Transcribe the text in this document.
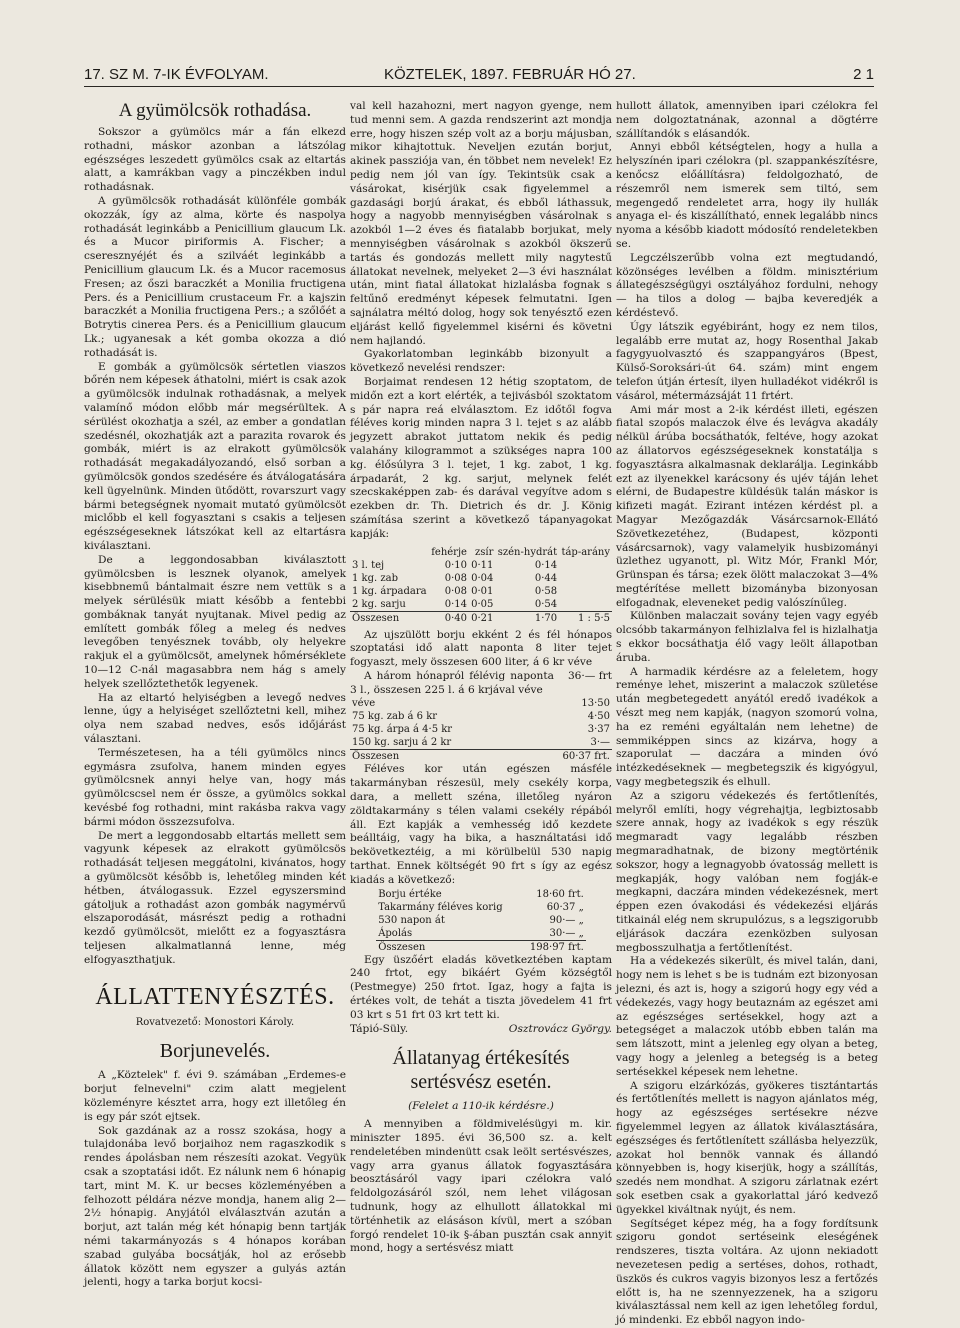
17. SZ M. 7-IK ÉVFOLYAM.	KÖZTELEK, 1897. FEBRUÁR HÓ 27.	2 1
A gyümölcsök rothadása.

Sokszor a gyümölcs már a fán elkezd rothadni, máskor azonban a látszólag egészséges leszedett gyümölcs csak az eltartás alatt, a kamrákban vagy a pinczékben indul rothadásnak.

A gyümölcsök rothadását különféle gombák okozzák, így az alma, körte és naspolya rothadását leginkább a Penicillium glaucum Lk. és a Mucor piriformis A. Fischer; a cseresznyéjét és a szilváét leginkább a Penicillium glaucum Lk. és a Mucor racemosus Fresen; az őszi baraczkét a Monilia fructigena Pers. és a Penicillium crustaceum Fr. a kajszin baraczkét a Monilia fructigena Pers.; a szőlőét a Botrytis cinerea Pers. és a Penicillium glaucum Lk.; ugyanesak a két gomba okozza a dió rothadását is.

E gombák a gyümölcsök sértetlen viaszos bőrén nem képesek áthatolni, miért is csak azok a gyümölcsök indulnak rothadásnak, a melyek valamínő módon előbb már megsérültek. A sérülést okozhatja a szél, az ember a gondatlan szedésnél, okozhatják azt a parazita rovarok és gombák, miért is az elrakott gyümölcsök rothadását megakadályozandó, első sorban a gyümölcsök gondos szedésére és átválogatására kell ügyelnünk. Minden ütődött, rovarszurt vagy bármi betegségnek nyomait mutató gyümölcsöt miclőbb el kell fogyasztani s csakis a teljesen egészségeseknek látszókat kell az eltartásra kiválasztani.

De a leggondosabban kiválasztott gyümölcsben is lesznek olyanok, amelyek kisebbnemű bántalmait észre nem vettük s a melyek sérülésük miatt később a fentebbi gombáknak tanyát nyujtanak. Mivel pedig az említett gombák főleg a meleg és nedves levegőben tenyésznek tovább, oly helyekre rakjuk el a gyümölcsöt, amelynek hőmérséklete 10—12 C-nál magasabbra nem hág s amely helyek szellőztethetők legyenek.

Ha az eltartó helyiségben a levegő nedves lenne, úgy a helyiséget szellőztetni kell, mihez olya nem szabad nedves, esős időjárást választani.

Természetesen, ha a téli gyümölcs nincs egymásra zsufolva, hanem minden egyes gyümölcsnek annyi helye van, hogy más gyümölcscsel nem ér össze, a gyümölcs sokkal kevésbé fog rothadni, mint rakásba rakva vagy bármi módon összezsufolva.

De mert a leggondosabb eltartás mellett sem vagyunk képesek az elrakott gyümölcsös rothadását teljesen meggátolni, kivánatos, hogy a gyümölcsöt később is, lehetőleg minden két hétben, átválogassuk. Ezzel egyszersmind gátoljuk a rothadást azon gombák nagymérvű elszaporodását, másrészt pedig a rothadni kezdő gyümölcsöt, mielőtt ez a fogyasztásra teljesen alkalmatlanná lenne, még elfogyaszthatjuk.

ÁLLATTENYÉSZTÉS.
Rovatvezető: Monostori Károly.
Borjunevelés.

A „Köztelek" f. évi 9. számában „Erdemes-e borjut felnevelni" czim alatt megjelent közleményre késztet arra, hogy ezt illetőleg én is egy pár szót ejtsek.

Sok gazdának az a rossz szokása, hogy a tulajdonába levő borjaihoz nem ragaszkodik s rendes ápolásban nem részesíti azokat. Vegyük csak a szoptatási időt. Ez nálunk nem 6 hónapig tart, mint M. K. ur becses közleményében a felhozott példára nézve mondja, hanem alig 2—2½ hónapig. Anyjától elválasztván azután a borjut, azt talán még két hónapig benn tartják némi takarmányozás s 4 hónapos korában szabad gulyába bocsátják, hol az erősebb állatok között nem egyszer a gulyás aztán jelenti, hogy a tarka borjut kocsi-

val kell hazahozni, mert nagyon gyenge, nem tud menni sem. A gazda rendszerint azt mondja erre, hogy hiszen szép volt az a borju májusban, mikor kihajtottuk. Neveljen ezután borjut, akinek passziója van, én többet nem nevelek! Ez pedig nem jól van így. Tekintsük csak a vásárokat, kisérjük csak figyelemmel a gazdasági borjú árakat, és ebből láthassuk, hogy a nagyobb mennyiségben vásárolnak s azokból 1—2 éves és fiatalabb borjukat, mely mennyiségben vásárolnak s azokból ökszerű tartás és gondozás mellett mily nagytestű állatokat nevelnek, melyeket 2—3 évi használat után, mint fiatal állatokat hizlalásba fognak s feltűnő eredményt képesek felmutatni. Igen sajnálatra méltó dolog, hogy sok tenyésztő ezen eljárást kellő figyelemmel kisérni és követni nem hajlandó.

Gyakorlatomban leginkább bizonyult a következő nevelési rendszer:

Borjaimat rendesen 12 hétig szoptatom, de midőn ezt a kort elérték, a tejivásból szoktatom s pár napra reá elválasztom. Ez időtől fogva féléves korig minden napra 3 l. tejet s az alább jegyzett abrakot juttatom nekik és pedig valahány kilogrammot a szükséges napra 100 kg. élősúlyra 3 l. tejet, 1 kg. zabot, 1 kg. árpadarát, 2 kg. sarjut, melynek felét szecskaképpen zab- és darával vegyítve adom s ezekben dr. Th. Dietrich és dr. J. König számítása szerint a következő tápanyagokat kapják:

	fehérje	zsír	szén-hydrát	táp-arány
3 l. tej	0·10	0·11	0·14	
1 kg. zab	0·08	0·04	0·44	
1 kg. árpadara	0·08	0·01	0·58	
2 kg. sarju	0·14	0·05	0·54	
Összesen	0·40	0·21	1·70	1 : 5·5

Az ujszülött borju ekként 2 és fél hónapos szoptatási idő alatt naponta 8 liter tejet fogyaszt, mely összesen 600 liter, á 6 kr véve
36·— frt

A három hónapról félévig naponta 3 l., összesen 225 l. á 6 krjával véve

véve	13·50
75 kg. zab á 6 kr	4·50
75 kg. árpa á 4·5 kr	3·37
150 kg. sarju á 2 kr	3·—
Összesen	60·37 frt.

Féléves kor után egészen másféle takarmányban részesül, mely csekély korpa, dara, a mellett széna, illetőleg nyáron zöldtakarmány s télen valami csekély répából áll. Ezt kapják a vemhesség idő kezdete beálltáig, vagy ha bika, a használtatási idő bekövetkeztéig, a mi körülbelül 530 napig tarthat. Ennek költségét 90 frt s így az egész kiadás a következő:

Borju értéke	18·60 frt.
Takarmány féléves korig	60·37 „
530 napon át	90·— „
Ápolás	30·— „
Összesen	198·97 frt.

Egy üszőért eladás következtében kaptam 240 frtot, egy bikáért Gyém községtől (Pestmegye) 250 frtot. Igaz, hogy a fajta is értékes volt, de tehát a tiszta jövedelem 41 frt 03 krt s 51 frt 03 krt tett ki.

Tápió-Süly.	Osztrovácz György.
Állatanyag értékesítés sertésvész esetén.
(Felelet a 110-ik kérdésre.)

A mennyiben a földmivelésügyi m. kir. miniszter 1895. évi 36,500 sz. a. kelt rendeletében mindenütt csak leölt sertésvészes, vagy arra gyanus állatok fogyasztására beosztásáról vagy ipari czélokra való feldolgozásáról szól, nem lehet világosan tudnunk, hogy az elhullott állatokkal mi történhetik az elásáson kívül, mert a szóban forgó rendelet 10-ik §-ában pusztán csak annyit mond, hogy a sertésvész miatt

hullott állatok, amennyiben ipari czélokra fel nem dolgoztatnának, azonnal a dögtérre szállítandók s elásandók.

Annyi ebből kétségtelen, hogy a hulla a helyszínén ipari czélokra (pl. szappankészítésre, kenőcsz előállításra) feldolgozható, de részemről nem ismerek sem tiltó, sem megengedő rendeletet arra, hogy ily hullák anyaga el- és kiszállítható, ennek legalább nincs nyoma a később kiadott módosító rendeletekben se.

Legczélszerűbb volna ezt megtudandó, közönséges levélben a földm. minisztérium állategészségügyi osztályához fordulni, nehogy — ha tilos a dolog — bajba keveredjék a kérdéstevő.

Úgy látszik egyébiránt, hogy ez nem tilos, legalább erre mutat az, hogy Rosenthal Jakab fagygyuolvasztó és szappangyáros (Bpest, Külső-Soroksári-út 64. szám) mint engem telefon útján értesít, ilyen hulladékot vidékről is vásárol, métermázsáját 11 frtért.

Ami már most a 2-ik kérdést illeti, egészen fiatal szopós malaczok élve és levágva akadály nélkül árúba bocsáthatók, feltéve, hogy azokat az állatorvos egészségeseknek konstatálja s fogyasztásra alkalmasnak deklarálja. Leginkább ezt az ilyenekkel karácsony és ujév táján lehet elérni, de Budapestre küldésük talán máskor is kifizeti magát. Ezirant intézen kérdést pl. a Magyar Mezőgazdák Vásárcsarnok-Ellátó Szövetkezetéhez, (Budapest, központi vásárcsarnok), vagy valamelyik husbizományi üzlethez ugyanott, pl. Witz Mór, Frankl Mór, Grünspan és társa; ezek ölött malaczokat 3—4% megtérítése mellett bizományba bizonyosan elfogadnak, eleveneket pedig valószínűleg.

Különben malaczait sovány tejen vagy egyéb olcsóbb takarmányon felhizlalva fel is hizlalhatja s ekkor bocsáthatja élő vagy leölt állapotban áruba.

A harmadik kérdésre az a feleletem, hogy reménye lehet, miszerint a malaczok születése után megbetegedett anyától eredő ivadékok a vészt meg nem kapják, (nagyon szomorú volna, ha ez reméni egyáltalán nem lehetne) de semmiképpen sincs az kizárva, hogy a szaporulat — daczára a minden óvó intézkedéseknek — megbetegszik és kigyógyul, vagy megbetegszik és elhull.

Az a szigoru védekezés és fertőtlenítés, melyről említi, hogy végrehajtja, legbiztosabb szere annak, hogy az ivadékok s egy részük megmaradt vagy legalább részben megmaradhatnak, de bizony megtörténik sokszor, hogy a legnagyobb óvatosság mellett is megkapják, hogy valóban nem fogják-e megkapni, daczára minden védekezésnek, mert éppen ezen óvakodási és védekezési eljárás titkainál elég nem skrupulózus, s a legszigorubb eljárások daczára ezenközben sulyosan megbosszulhatja a fertőtlenítést.

Ha a védekezés sikerült, és mivel talán, dani, hogy nem is lehet s be is tudnám ezt bizonyosan jelezni, és azt is, hogy a szigorú hogy egy véd a védekezés, vagy hogy beutaznám az egészet ami az egészséges sertésekkel, hogy azt a betegséget a malaczok utóbb ebben talán ma sem látszott, mint a jelenleg egy olyan a beteg, vagy hogy a jelenleg a betegség is a beteg sertésekkel képesek nem lehetne.

A szigoru elzárkózás, gyökeres tisztántartás és fertőtlenítés mellett is nagyon ajánlatos még, hogy az egészséges sertésekre nézve figyelemmel legyen az állatok kiválasztására, egészséges és fertőtlenített szállásba helyezzük, azokat hol bennök vannak és állandó könnyebben is, hogy kiserjük, hogy a szállítás, szedés nem mondhat. A szigoru zárlatnak ezért sok esetben csak a gyakorlattal járó kedvező ügyekkel kiváltnak nyújt, és nem.

Segítséget képez még, ha a fogy fordítsunk szigoru gondot sertéseink eleségének rendszeres, tiszta voltára. Az ujonn nekiadott nevezetesen pedig a sertéses, dohos, rothadt, üszkös és cukros vagyis bizonyos lesz a fertőzés előtt is, ha ne szennyezzenek, ha a szigoru kiválasztással nem kell az igen lehetőleg fordul, jó mindenki. Ez ebből nagyon indo-
